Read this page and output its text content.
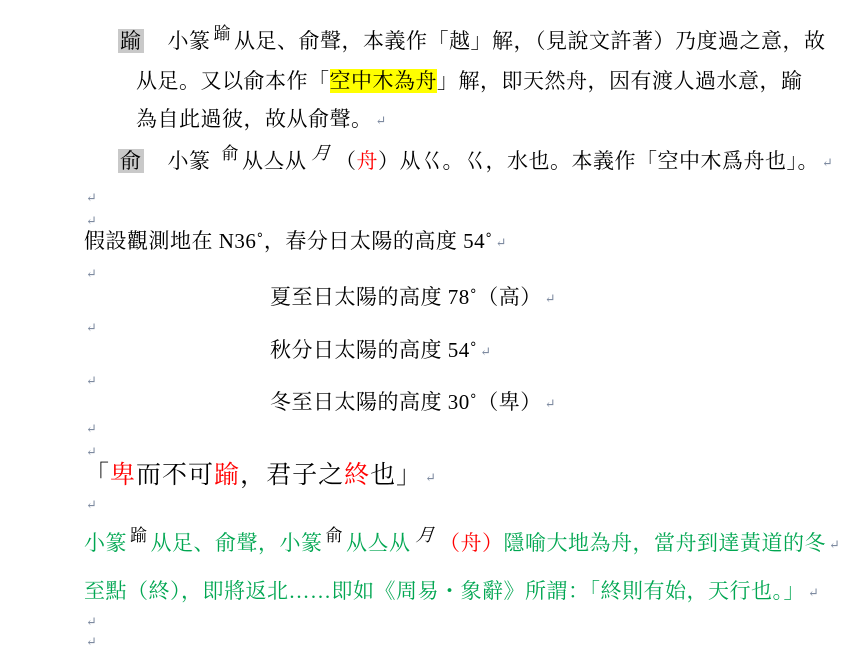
踰 小篆 踰 从足、俞聲，本義作「越」解，（見說文許著）乃度過之意，故
从足。又以俞本作「空中木為舟」解，即天然舟，因有渡人過水意，踰
為自此過彼，故从俞聲。 ↵
俞 小篆 俞 从亼从 月 （舟）从巜。巜，水也。本義作「空中木爲舟也」。 ↵
↵
↵
假設觀測地在 N36˚，春分日太陽的高度 54˚ ↵
↵
夏至日太陽的高度 78˚（高） ↵
↵
秋分日太陽的高度 54˚ ↵
↵
冬至日太陽的高度 30˚（卑） ↵
↵
↵
「卑而不可踰，君子之終也」 ↵
↵
小篆 踰 从足、俞聲，小篆 俞 从亼从 月 （舟）隱喻大地為舟，當舟到達黃道的冬 ↵
至點（終），即將返北……即如《周易・象辭》所謂：「終則有始，天行也。」 ↵
↵
↵
